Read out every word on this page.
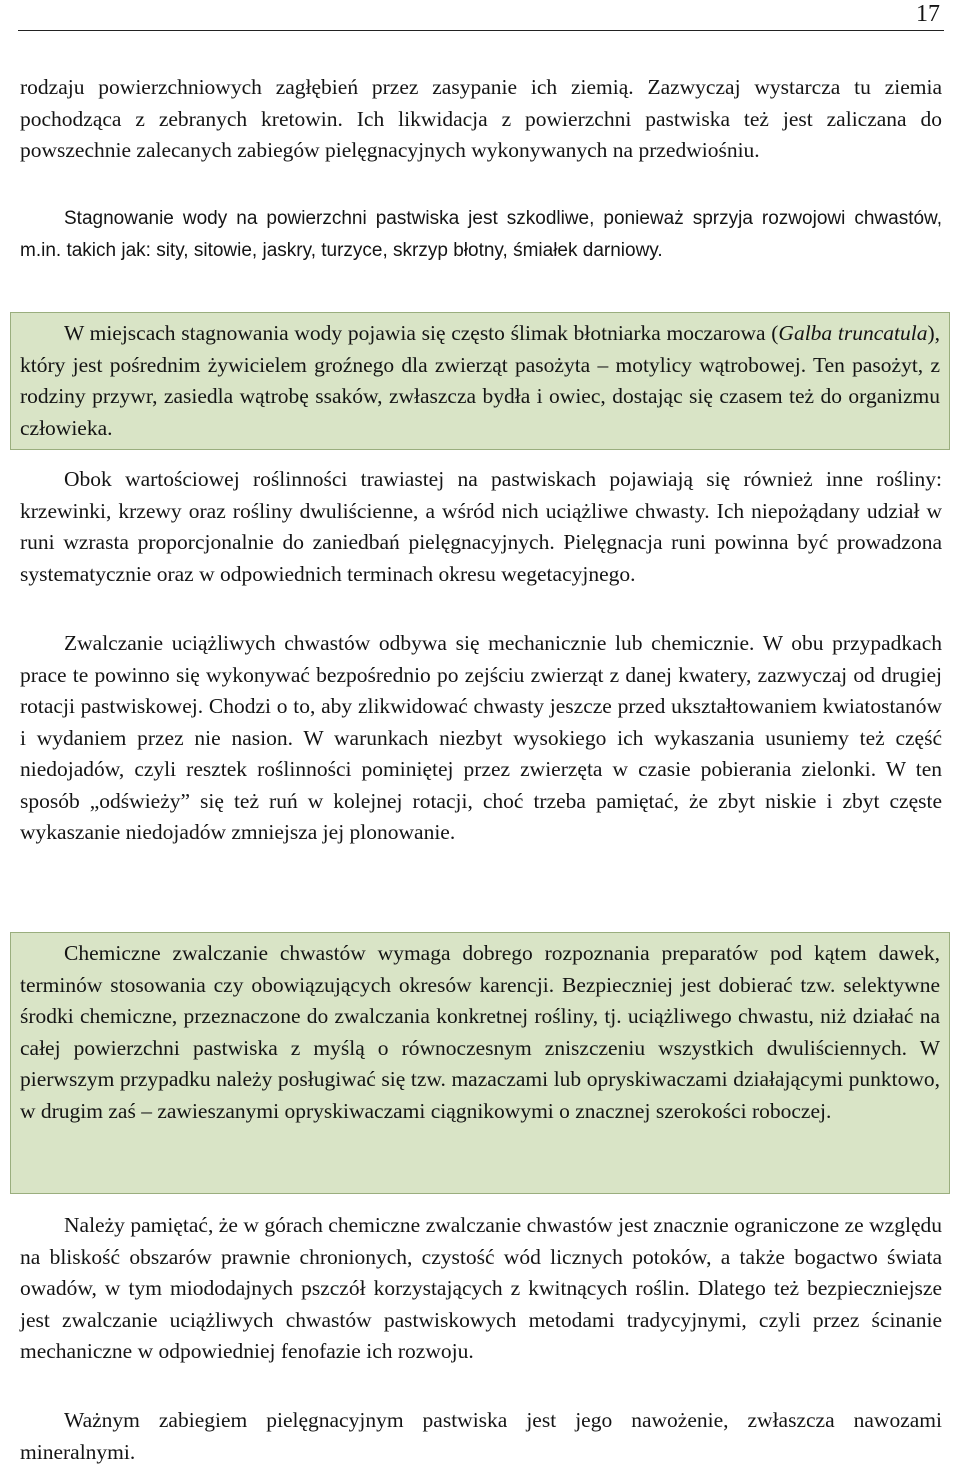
17

rodzaju powierzchniowych zagłębień przez zasypanie ich ziemią. Zazwyczaj wystarcza tu ziemia pochodząca z zebranych kretowin. Ich likwidacja z powierzchni pastwiska też jest zaliczana do powszechnie zalecanych zabiegów pielęgnacyjnych wykonywanych na przedwiośniu.

Stagnowanie wody na powierzchni pastwiska jest szkodliwe, ponieważ sprzyja rozwojowi chwastów, m.in. takich jak: sity, sitowie, jaskry, turzyce, skrzyp błotny, śmiałek darniowy.

W miejscach stagnowania wody pojawia się często ślimak błotniarka moczarowa (Galba truncatula), który jest pośrednim żywicielem groźnego dla zwierząt pasożyta – motylicy wątrobowej. Ten pasożyt, z rodziny przywr, zasiedla wątrobę ssaków, zwłaszcza bydła i owiec, dostając się czasem też do organizmu człowieka.

Obok wartościowej roślinności trawiastej na pastwiskach pojawiają się również inne rośliny: krzewinki, krzewy oraz rośliny dwuliścienne, a wśród nich uciążliwe chwasty. Ich niepożądany udział w runi wzrasta proporcjonalnie do zaniedbań pielęgnacyjnych. Pielęgnacja runi powinna być prowadzona systematycznie oraz w odpowiednich terminach okresu wegetacyjnego.

Zwalczanie uciążliwych chwastów odbywa się mechanicznie lub chemicznie. W obu przypadkach prace te powinno się wykonywać bezpośrednio po zejściu zwierząt z danej kwatery, zazwyczaj od drugiej rotacji pastwiskowej. Chodzi o to, aby zlikwidować chwasty jeszcze przed ukształtowaniem kwiatostanów i wydaniem przez nie nasion. W warunkach niezbyt wysokiego ich wykaszania usuniemy też część niedojadów, czyli resztek roślinności pominiętej przez zwierzęta w czasie pobierania zielonki. W ten sposób „odświeży” się też ruń w kolejnej rotacji, choć trzeba pamiętać, że zbyt niskie i zbyt częste wykaszanie niedojadów zmniejsza jej plonowanie.

Chemiczne zwalczanie chwastów wymaga dobrego rozpoznania preparatów pod kątem dawek, terminów stosowania czy obowiązujących okresów karencji. Bezpieczniej jest dobierać tzw. selektywne środki chemiczne, przeznaczone do zwalczania konkretnej rośliny, tj. uciążliwego chwastu, niż działać na całej powierzchni pastwiska z myślą o równoczesnym zniszczeniu wszystkich dwuliściennych. W pierwszym przypadku należy posługiwać się tzw. mazaczami lub opryskiwaczami działającymi punktowo, w drugim zaś – zawieszanymi opryskiwaczami ciągnikowymi o znacznej szerokości roboczej.

Należy pamiętać, że w górach chemiczne zwalczanie chwastów jest znacznie ograniczone ze względu na bliskość obszarów prawnie chronionych, czystość wód licznych potoków, a także bogactwo świata owadów, w tym miododajnych pszczół korzystających z kwitnących roślin. Dlatego też bezpieczniejsze jest zwalczanie uciążliwych chwastów pastwiskowych metodami tradycyjnymi, czyli przez ścinanie mechaniczne w odpowiedniej fenofazie ich rozwoju.

Ważnym zabiegiem pielęgnacyjnym pastwiska jest jego nawożenie, zwłaszcza nawozami mineralnymi.
